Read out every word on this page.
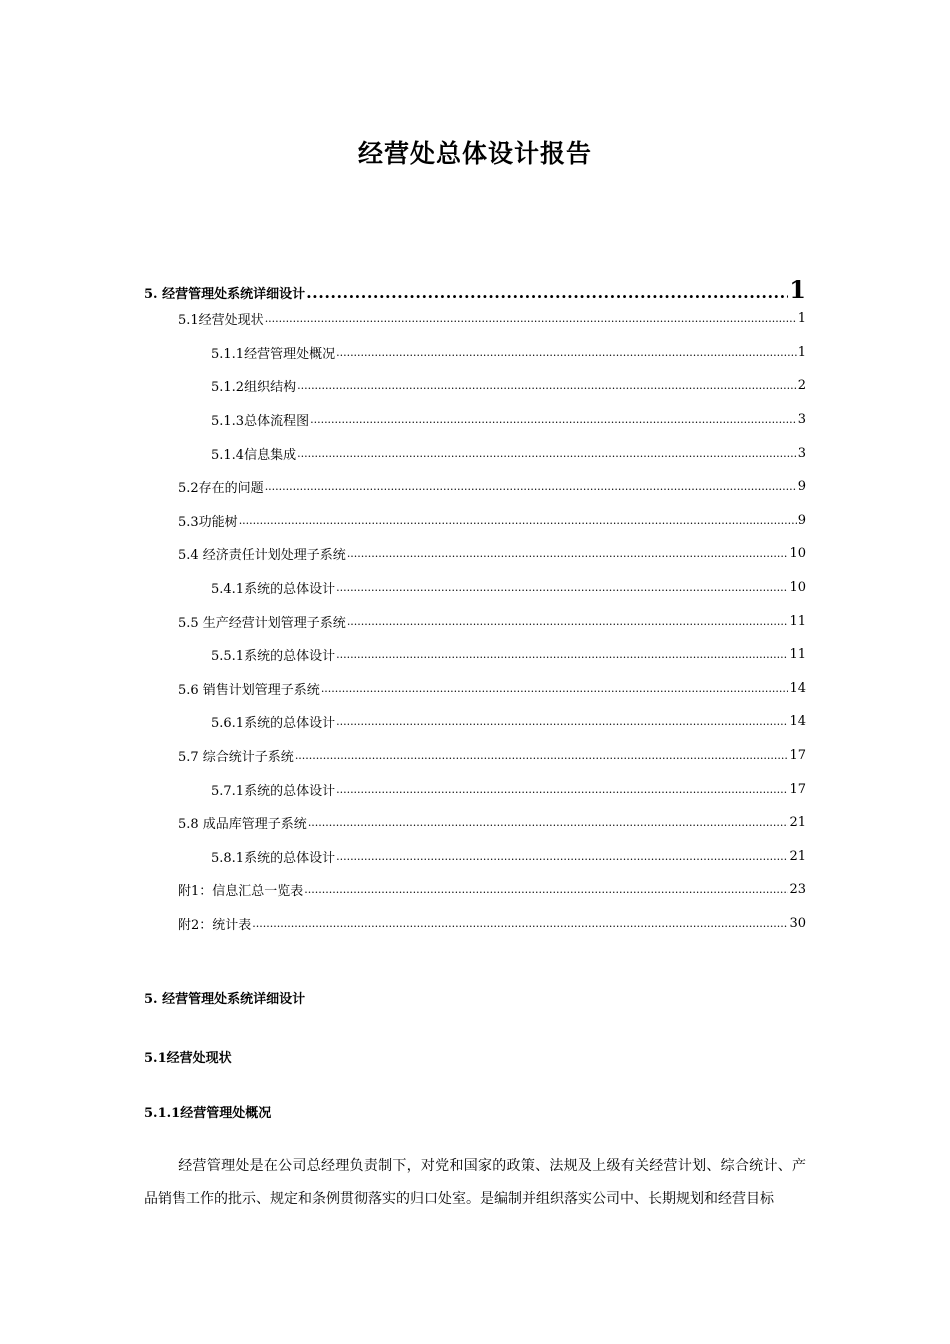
经营处总体设计报告
5. 经营管理处系统详细设计 .....	1
5.1经营处现状 .....	1
5.1.1经营管理处概况 .....	1
5.1.2组织结构 .....	2
5.1.3总体流程图 .....	3
5.1.4信息集成 .....	3
5.2存在的问题 .....	9
5.3功能树 .....	9
5.4 经济责任计划处理子系统 .....	10
5.4.1系统的总体设计 .....	10
5.5 生产经营计划管理子系统 .....	11
5.5.1系统的总体设计 .....	11
5.6 销售计划管理子系统 .....	14
5.6.1系统的总体设计 .....	14
5.7 综合统计子系统 .....	17
5.7.1系统的总体设计 .....	17
5.8 成品库管理子系统 .....	21
5.8.1系统的总体设计 .....	21
附1：信息汇总一览表 .....	23
附2：统计表 .....	30
5. 经营管理处系统详细设计
5.1经营处现状
5.1.1经营管理处概况
经营管理处是在公司总经理负责制下，对党和国家的政策、法规及上级有关经营计划、综合统计、产品销售工作的批示、规定和条例贯彻落实的归口处室。是编制并组织落实公司中、长期规划和经营目标
